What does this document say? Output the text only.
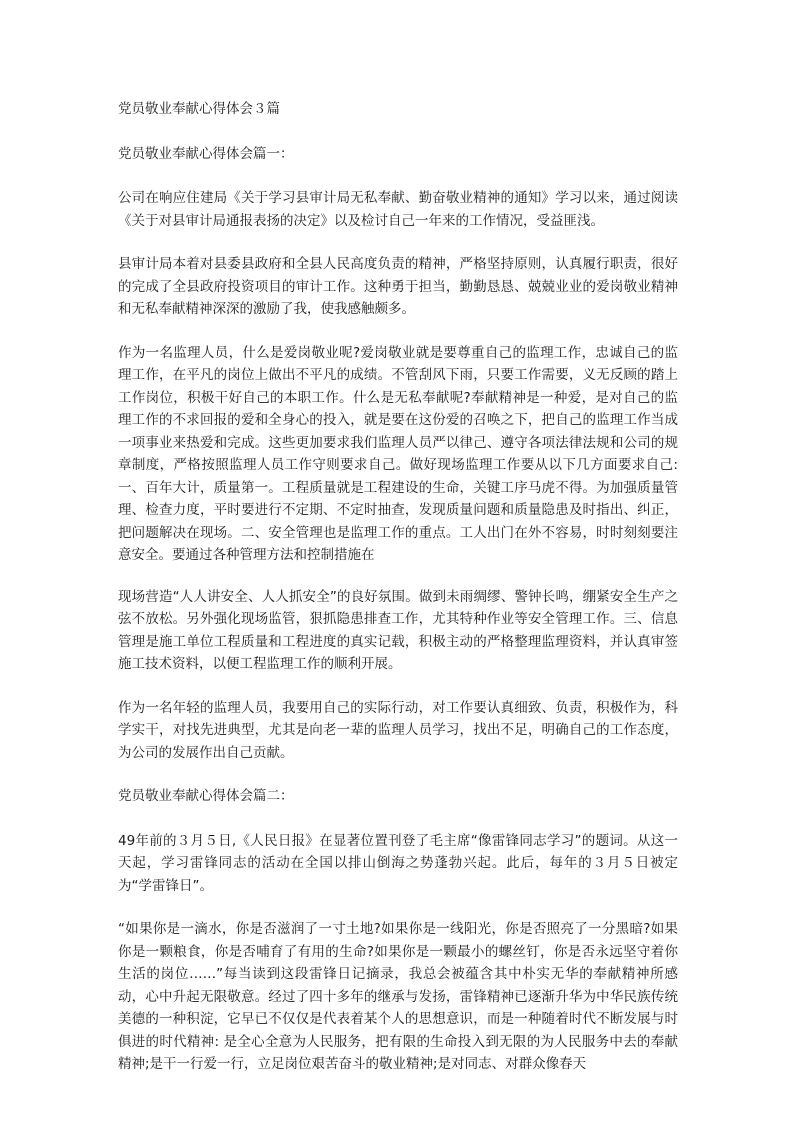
党员敬业奉献心得体会３篇

党员敬业奉献心得体会篇一：

公司在响应住建局《关于学习县审计局无私奉献、勤奋敬业精神的通知》学习以来，通过阅读《关于对县审计局通报表扬的决定》以及检讨自己一年来的工作情况，受益匪浅。

县审计局本着对县委县政府和全县人民高度负责的精神，严格坚持原则，认真履行职责，很好的完成了全县政府投资项目的审计工作。这种勇于担当，勤勤恳恳、兢兢业业的爱岗敬业精神和无私奉献精神深深的激励了我，使我感触颇多。

作为一名监理人员，什么是爱岗敬业呢?爱岗敬业就是要尊重自己的监理工作，忠诚自己的监理工作，在平凡的岗位上做出不平凡的成绩。不管刮风下雨，只要工作需要，义无反顾的踏上工作岗位，积极干好自己的本职工作。什么是无私奉献呢?奉献精神是一种爱，是对自己的监理工作的不求回报的爱和全身心的投入，就是要在这份爱的召唤之下，把自己的监理工作当成一项事业来热爱和完成。这些更加要求我们监理人员严以律己、遵守各项法律法规和公司的规章制度，严格按照监理人员工作守则要求自己。做好现场监理工作要从以下几方面要求自己: 一、百年大计，质量第一。工程质量就是工程建设的生命，关键工序马虎不得。为加强质量管理、检查力度，平时要进行不定期、不定时抽查，发现质量问题和质量隐患及时指出、纠正，把问题解决在现场。二、安全管理也是监理工作的重点。工人出门在外不容易，时时刻刻要注意安全。要通过各种管理方法和控制措施在

现场营造“人人讲安全、人人抓安全”的良好氛围。做到未雨绸缪、警钟长鸣，绷紧安全生产之弦不放松。另外强化现场监管，狠抓隐患排查工作，尤其特种作业等安全管理工作。三、信息管理是施工单位工程质量和工程进度的真实记载，积极主动的严格整理监理资料，并认真审签施工技术资料，以便工程监理工作的顺利开展。

作为一名年轻的监理人员，我要用自己的实际行动，对工作要认真细致、负责，积极作为，科学实干，对找先进典型，尤其是向老一辈的监理人员学习，找出不足，明确自己的工作态度，为公司的发展作出自己贡献。

党员敬业奉献心得体会篇二：

49年前的３月５日,《人民日报》在显著位置刊登了毛主席“像雷锋同志学习”的题词。从这一天起，学习雷锋同志的活动在全国以排山倒海之势蓬勃兴起。此后，每年的３月５日被定为“学雷锋日”。

“如果你是一滴水，你是否滋润了一寸土地?如果你是一线阳光，你是否照亮了一分黑暗?如果你是一颗粮食，你是否哺育了有用的生命?如果你是一颗最小的螺丝钉，你是否永远坚守着你生活的岗位……”每当读到这段雷锋日记摘录，我总会被蕴含其中朴实无华的奉献精神所感动，心中升起无限敬意。经过了四十多年的继承与发扬，雷锋精神已逐渐升华为中华民族传统美德的一种积淀，它早已不仅仅是代表着某个人的思想意识，而是一种随着时代不断发展与时俱进的时代精神: 是全心全意为人民服务，把有限的生命投入到无限的为人民服务中去的奉献精神;是干一行爱一行，立足岗位艰苦奋斗的敬业精神;是对同志、对群众像春天
